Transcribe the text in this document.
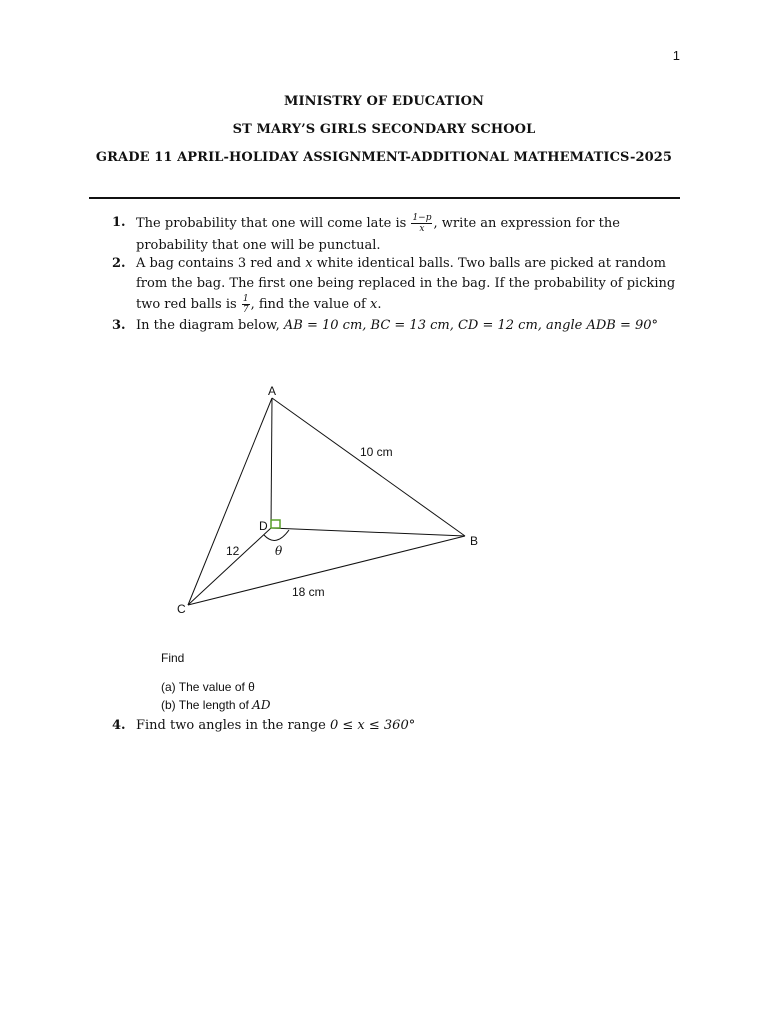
1
MINISTRY OF EDUCATION
ST MARY’S GIRLS SECONDARY SCHOOL
GRADE 11 APRIL-HOLIDAY ASSIGNMENT-ADDITIONAL MATHEMATICS-2025
1. The probability that one will come late is $\frac{1-p}{x}$ , write an expression for the probability that one will be punctual.
2. A bag contains 3 red and x white identical balls. Two balls are picked at random from the bag. The first one being replaced in the bag. If the probability of picking two red balls is $\frac{1}{7}$ , find the value of x.
3. In the diagram below, AB = 10 cm, BC = 13 cm, CD = 12 cm, angle ADB = 90°
A
B
C
D
10 cm
18 cm
12	θ
Find
(a) The value of θ
(b) The length of AD
4. Find two angles in the range 0 ≤ x ≤ 360°
